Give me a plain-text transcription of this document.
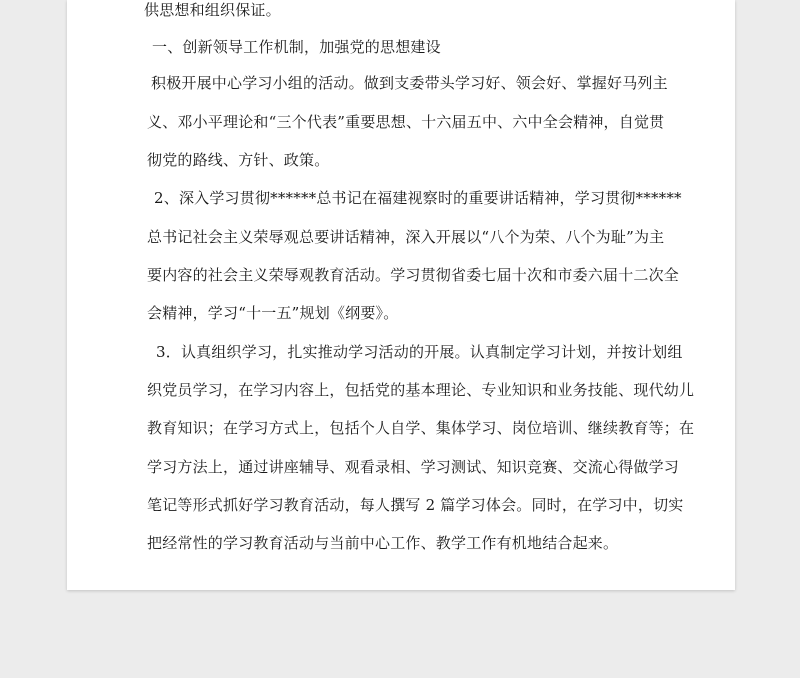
供思想和组织保证。

一、创新领导工作机制，加强党的思想建设

积极开展中心学习小组的活动。做到支委带头学习好、领会好、掌握好马列主

义、邓小平理论和“三个代表”重要思想、十六届五中、六中全会精神，自觉贯

彻党的路线、方针、政策。

2、深入学习贯彻******总书记在福建视察时的重要讲话精神，学习贯彻******

总书记社会主义荣辱观总要讲话精神，深入开展以“八个为荣、八个为耻”为主

要内容的社会主义荣辱观教育活动。学习贯彻省委七届十次和市委六届十二次全

会精神，学习“十一五”规划《纲要》。

3．认真组织学习，扎实推动学习活动的开展。认真制定学习计划，并按计划组

织党员学习，在学习内容上，包括党的基本理论、专业知识和业务技能、现代幼儿

教育知识；在学习方式上，包括个人自学、集体学习、岗位培训、继续教育等；在

学习方法上，通过讲座辅导、观看录相、学习测试、知识竞赛、交流心得做学习

笔记等形式抓好学习教育活动，每人撰写 2 篇学习体会。同时，在学习中，切实

把经常性的学习教育活动与当前中心工作、教学工作有机地结合起来。
